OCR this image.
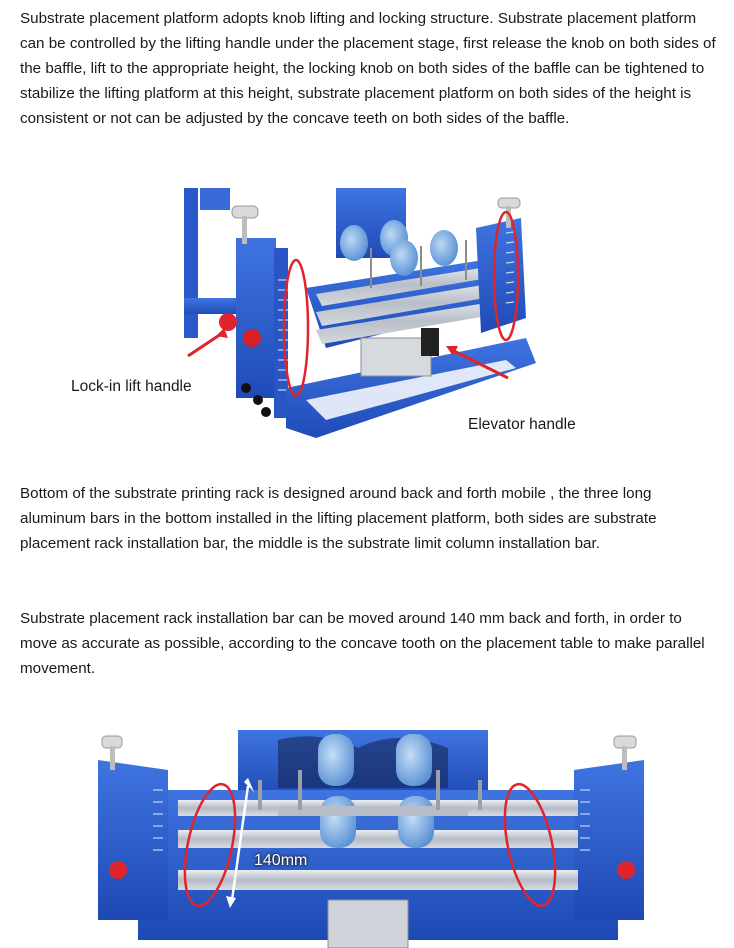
Substrate placement platform adopts knob lifting and locking structure. Substrate placement platform can be controlled by the lifting handle under the placement stage, first release the knob on both sides of the baffle, lift to the appropriate height, the locking knob on both sides of the baffle can be tightened to stabilize the lifting platform at this height, substrate placement platform on both sides of the height is consistent or not can be adjusted by the concave teeth on both sides of the baffle.

Lock-in lift handle

Elevator handle

Bottom of the substrate printing rack is designed around back and forth mobile , the three long aluminum bars in the bottom installed in the lifting placement platform, both sides are substrate placement rack installation bar, the middle is the substrate limit column installation bar.

Substrate placement rack installation bar can be moved around 140 mm back and forth, in order to move as accurate as possible, according to the concave tooth on the placement table to make parallel movement.

140mm
